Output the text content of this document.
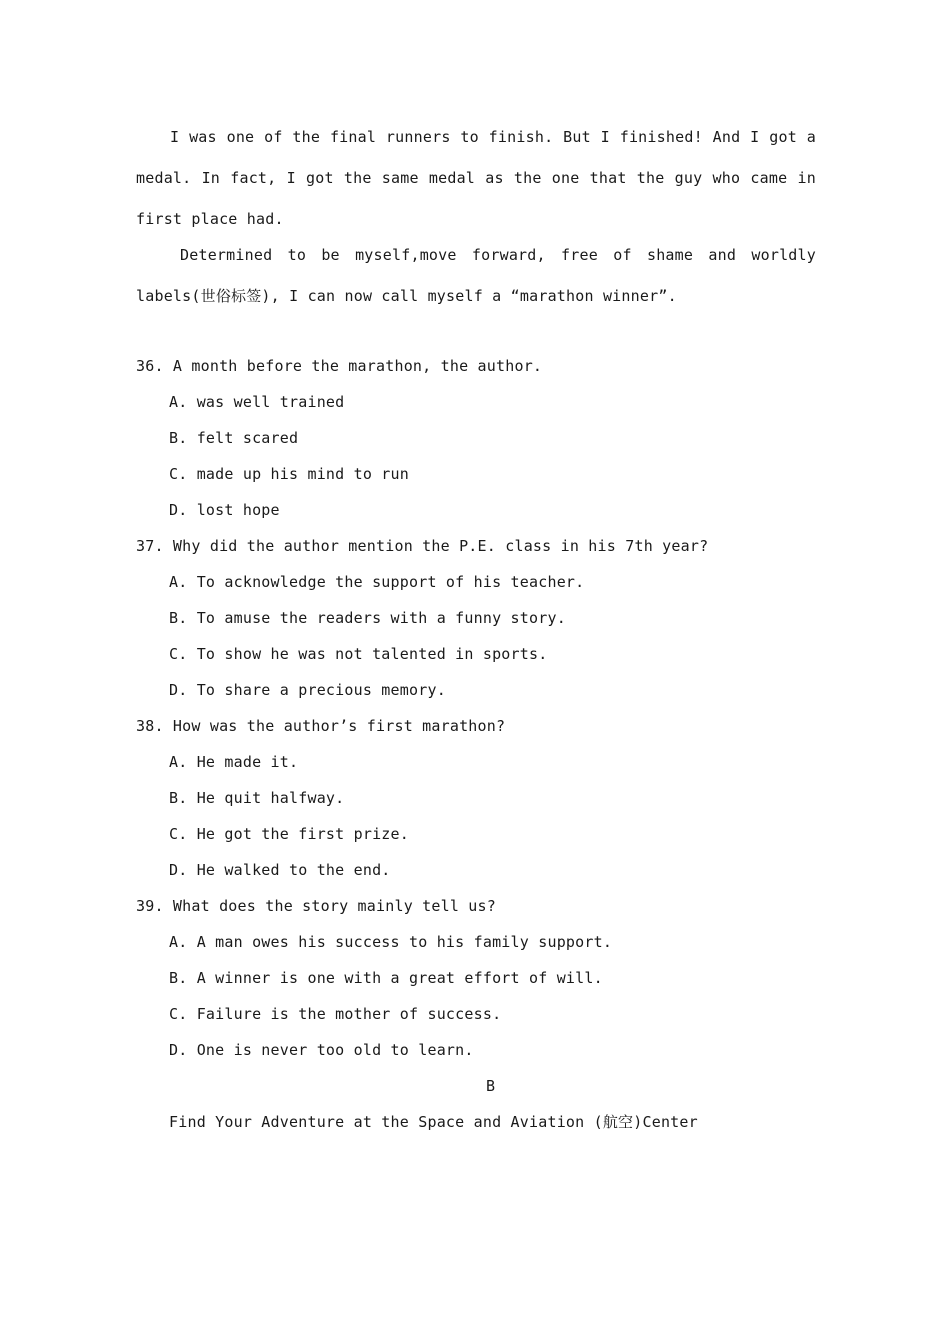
I was one of the final runners to finish. But I finished! And I got a medal. In fact, I got the same medal as the one that the guy who came in first place had.

Determined to be myself,move forward, free of shame and worldly labels(世俗标签), I can now call myself a “marathon winner”.

36. A month before the marathon, the author.
A. was well trained
B. felt scared
C. made up his mind to run
D. lost hope
37. Why did the author mention the P.E. class in his 7th year?
A. To acknowledge the support of his teacher.
B. To amuse the readers with a funny story.
C. To show he was not talented in sports.
D. To share a precious memory.
38. How was the author’s first marathon?
A. He made it.
B. He quit halfway.
C. He got the first prize.
D. He walked to the end.
39. What does the story mainly tell us?
A. A man owes his success to his family support.
B. A winner is one with a great effort of will.
C. Failure is the mother of success.
D. One is never too old to learn.
B
Find Your Adventure at the Space and Aviation (航空)Center
